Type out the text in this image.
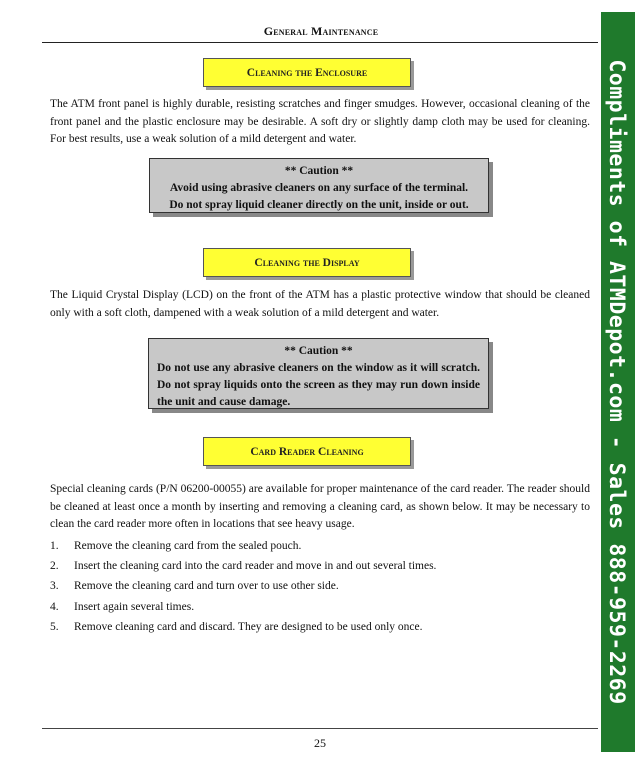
General Maintenance
Cleaning the Enclosure
The ATM front panel is highly durable, resisting scratches and finger smudges. However, occasional cleaning of the front panel and the plastic enclosure may be desirable. A soft dry or slightly damp cloth may be used for cleaning. For best results, use a weak solution of a mild detergent and water.
** Caution **
Avoid using abrasive cleaners on any surface of the terminal.
Do not spray liquid cleaner directly on the unit, inside or out.
Cleaning the Display
The Liquid Crystal Display (LCD) on the front of the ATM has a plastic protective window that should be cleaned only with a soft cloth, dampened with a weak solution of a mild detergent and water.
** Caution **
Do not use any abrasive cleaners on the window as it will scratch. Do not spray liquids onto the screen as they may run down inside the unit and cause damage.
Card Reader Cleaning
Special cleaning cards (P/N 06200-00055) are available for proper maintenance of the card reader. The reader should be cleaned at least once a month by inserting and removing a cleaning card, as shown below. It may be necessary to clean the card reader more often in locations that see heavy usage.
1.	Remove the cleaning card from the sealed pouch.
2.	Insert the cleaning card into the card reader and move in and out several times.
3.	Remove the cleaning card and turn over to use other side.
4.	Insert again several times.
5.	Remove cleaning card and discard. They are designed to be used only once.
25
Compliments of ATMDepot.com - Sales 888-959-2269
